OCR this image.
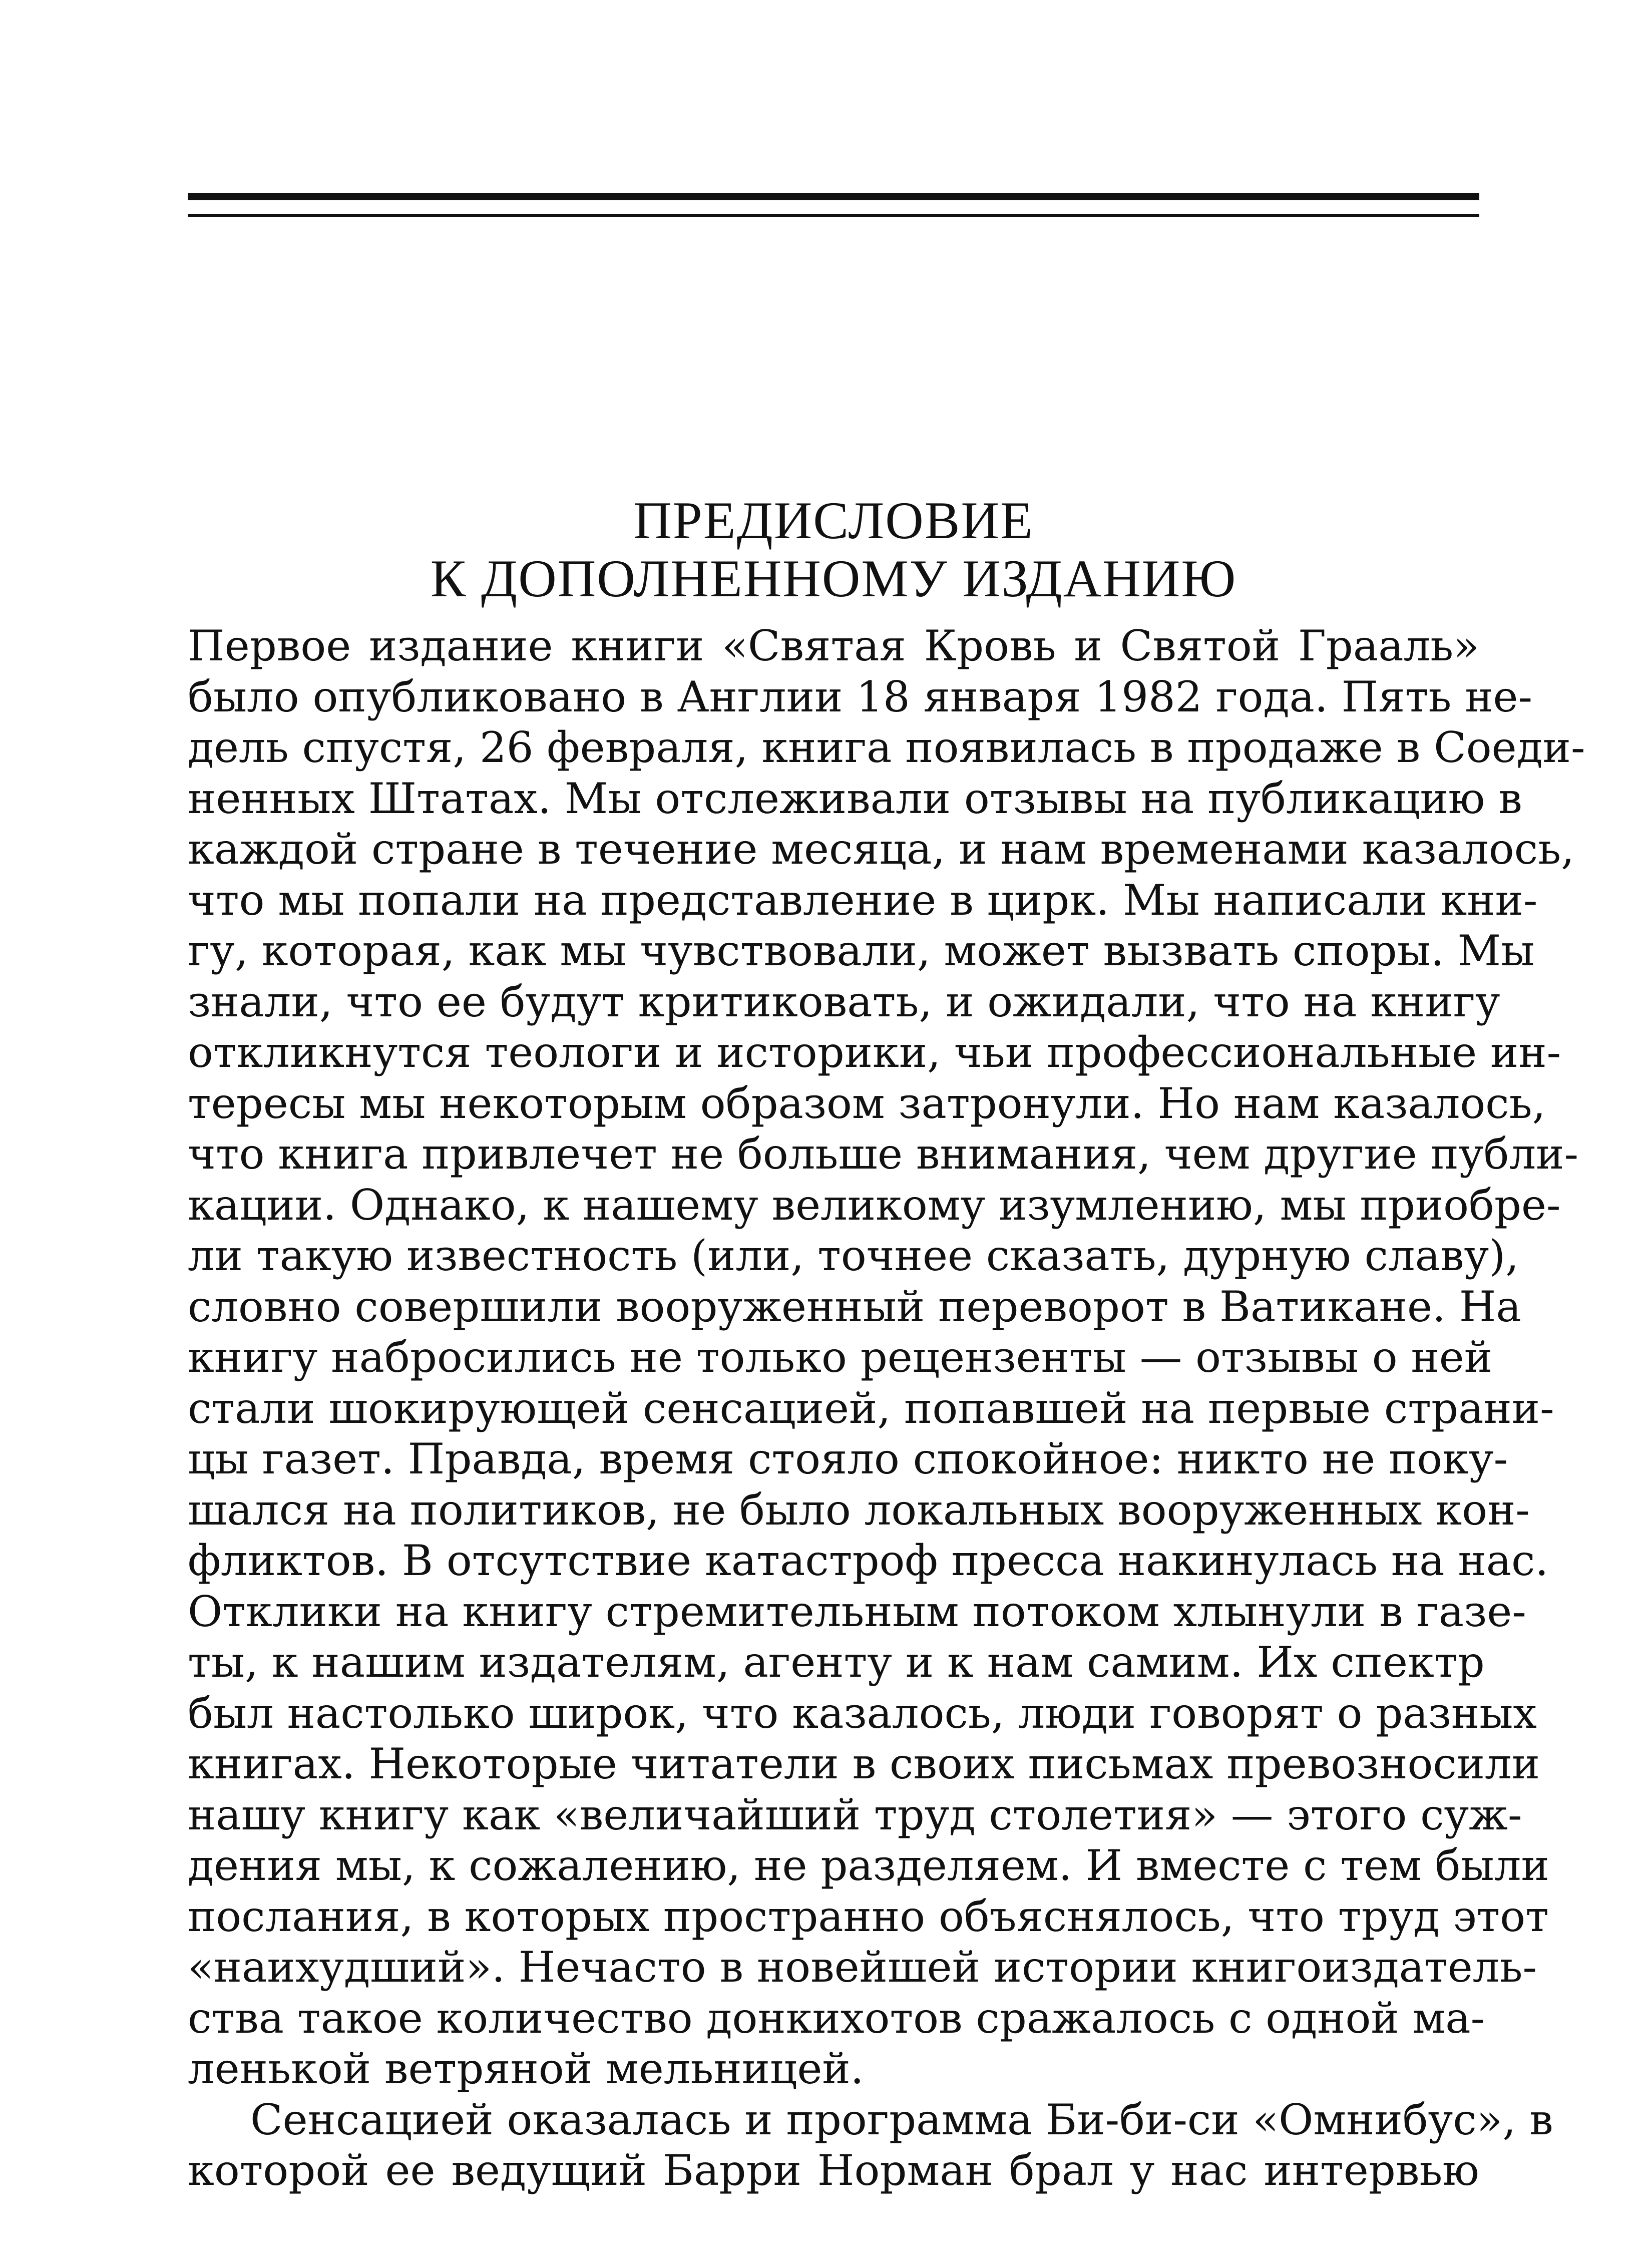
ПРЕДИСЛОВИЕ
К ДОПОЛНЕННОМУ ИЗДАНИЮ
Первое издание книги «Святая Кровь и Святой Грааль»
было опубликовано в Англии 18 января 1982 года. Пять не-
дель спустя, 26 февраля, книга появилась в продаже в Соеди-
ненных Штатах. Мы отслеживали отзывы на публикацию в
каждой стране в течение месяца, и нам временами казалось,
что мы попали на представление в цирк. Мы написали кни-
гу, которая, как мы чувствовали, может вызвать споры. Мы
знали, что ее будут критиковать, и ожидали, что на книгу
откликнутся теологи и историки, чьи профессиональные ин-
тересы мы некоторым образом затронули. Но нам казалось,
что книга привлечет не больше внимания, чем другие публи-
кации. Однако, к нашему великому изумлению, мы приобре-
ли такую известность (или, точнее сказать, дурную славу),
словно совершили вооруженный переворот в Ватикане. На
книгу набросились не только рецензенты — отзывы о ней
стали шокирующей сенсацией, попавшей на первые страни-
цы газет. Правда, время стояло спокойное: никто не поку-
шался на политиков, не было локальных вооруженных кон-
фликтов. В отсутствие катастроф пресса накинулась на нас.
Отклики на книгу стремительным потоком хлынули в газе-
ты, к нашим издателям, агенту и к нам самим. Их спектр
был настолько широк, что казалось, люди говорят о разных
книгах. Некоторые читатели в своих письмах превозносили
нашу книгу как «величайший труд столетия» — этого суж-
дения мы, к сожалению, не разделяем. И вместе с тем были
послания, в которых пространно объяснялось, что труд этот
«наихудший». Нечасто в новейшей истории книгоиздатель-
ства такое количество донкихотов сражалось с одной ма-
ленькой ветряной мельницей.
Сенсацией оказалась и программа Би-би-си «Омнибус», в
которой ее ведущий Барри Норман брал у нас интервью
